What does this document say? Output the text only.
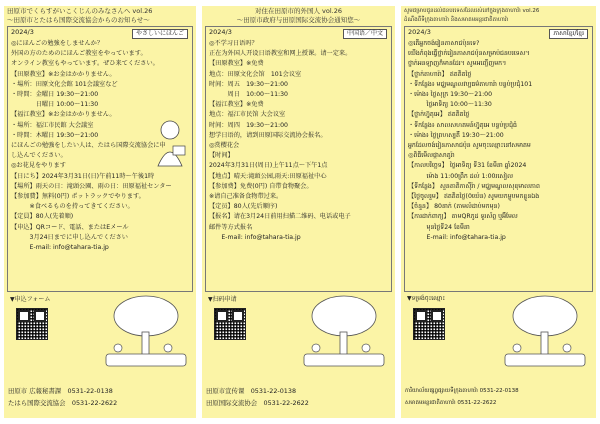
田原市でくらすがいこくじんのみなさんへ vol.26
～田原市とたはら国際交流協会からのお知らせ～
2024/3	やさしいにほんご
◎にほんごの勉強をしませんか？
外国の方のためのにほんご教室をやっています。
オンライン教室もやっています。ぜひ来てください。
【田原教室】※お金はかかりません。
・場所：田原文化会館 101会議室など
・時間：金曜日 19:30～21:00
　　　　日曜日 10:00～11:30
【福江教室】※お金はかかりません。
・場所：福江市民館 大会議室
・時間：木曜日 19:30～21:00
にほんごの勉強をしたい人は、たはら国際交流協会に申
し込んでください。
◎お花見をやります
【日にち】2024年3月31日(日)午前11時～午後1時
【場所】雨天の日：滝頭公園、雨の日：田原福祉センター
【参加費】無料(0円) ポットラックでやります。
　　　※食べるものを持ってきてください。
【定員】80人(先着順)
【申込】QRコード、電話、またはEメール
　　　3月24日までに申し込んでください
　　　E-mail: info@tahara-tia.jp
▼申込フォーム
田原市 広報秘書課　0531-22-0138
たはら国際交流協会　0531-22-2622
对住在田原市的外国人 vol.26
～田原市政府与田原国际交流协会通知您～
2024/3	中国语／中文
◎不学习日语吗？
正在为外国人开设日语教室和网上授课。请一定来。
【田原教室】※免费
地点：田原文化会馆　101会议室
时间：周五　19:30～21:00
　　　周日　10:00～11:30
【福江教室】※免费
地点：福江市民馆 大会议室
时间：周四　19:30～21:00
想学日语的，请到田原国际交流协会报名。
◎赏樱花会
【时间】
2024年3月31日(周日)上午11点～下午1点
【地点】晴天:滝頭公园,雨天:田原福祉中心
【参加费】免费(0円) 自带食物聚会。
※请自己准备食物带过来。
【定员】80人(先后顺序)
【报名】请在3月24日前用扫描二维码、电话或电子
邮件等方式报名
　　E-mail: info@tahara-tia.jp
▼扫码申请
田原市宣传课　0531-22-0138
田原国际交流协会　0531-22-2622
សូមជម្រាបជូនដល់ជនបរទេសដែលរស់នៅក្នុងក្រុងតាហារ៉ា vol.26
ដំណឹងពីទីក្រុងតាហារ៉ា និងសមាគមអន្តរជាតិតាហារ៉ា
2024/3	ភាសាខ្មែរ/ខ្មែរ
◎តើអ្នកចង់រៀនភាសាជប៉ុនទេ?
យើងកំពុងធ្វើថ្នាក់រៀនភាសាជប៉ុនសម្រាប់ជនបរទេស។
ថ្នាក់អនឡាញក៏មានដែរ។ សូមអញ្ជើញមក។
【ថ្នាក់តាហារ៉ា】 ឥតគិតថ្លៃ
・ទីកន្លែង៖ មជ្ឈមណ្ឌលវប្បធម៌តាហារ៉ា បន្ទប់ប្រជុំ101
・ម៉ោង៖ ថ្ងៃសុក្រ 19:30～21:00
　　　ថ្ងៃអាទិត្យ 10:00～11:30
【ថ្នាក់ហ្វ៊ុគុអេ】 ឥតគិតថ្លៃ
・ទីកន្លែង៖ សាលសហគមន៍ហ្វ៊ុគុអេ បន្ទប់ប្រជុំធំ
・ម៉ោង៖ ថ្ងៃព្រហស្បតិ៍ 19:30～21:00
អ្នកដែលចង់រៀនភាសាជប៉ុន សូមចុះឈ្មោះនៅសមាគម
◎ពិធីមើលផ្កាសាគូរ៉ា
【កាលបរិច្ឆេទ】 ថ្ងៃអាទិត្យ ទី31 ខែមីនា ឆ្នាំ2024
　　　ម៉ោង 11:00ព្រឹក ដល់ 1:00រសៀល
【ទីកន្លែង】 សួនតាគិកាស៊ីរ៉ា / មជ្ឈមណ្ឌលសុខុមាលភាព
【ថ្លៃចូលរួម】 ឥតគិតថ្លៃ(0យ៉េន) សូមយកម្ហូបមកខ្លួនឯង
【ចំនួន】 80នាក់ (តាមលំដាប់មកមុន)
【ការដាក់ពាក្យ】 តាមQRកូដ ទូរស័ព្ទ ឬអ៊ីមែល
　　　មុនថ្ងៃទី24 ខែមីនា
　　　E-mail: info@tahara-tia.jp
▼ទម្រង់ចុះឈ្មោះ
ការិយាល័យផ្សព្វផ្សាយទីក្រុងតាហារ៉ា 0531-22-0138
សមាគមអន្តរជាតិតាហារ៉ា 0531-22-2622
